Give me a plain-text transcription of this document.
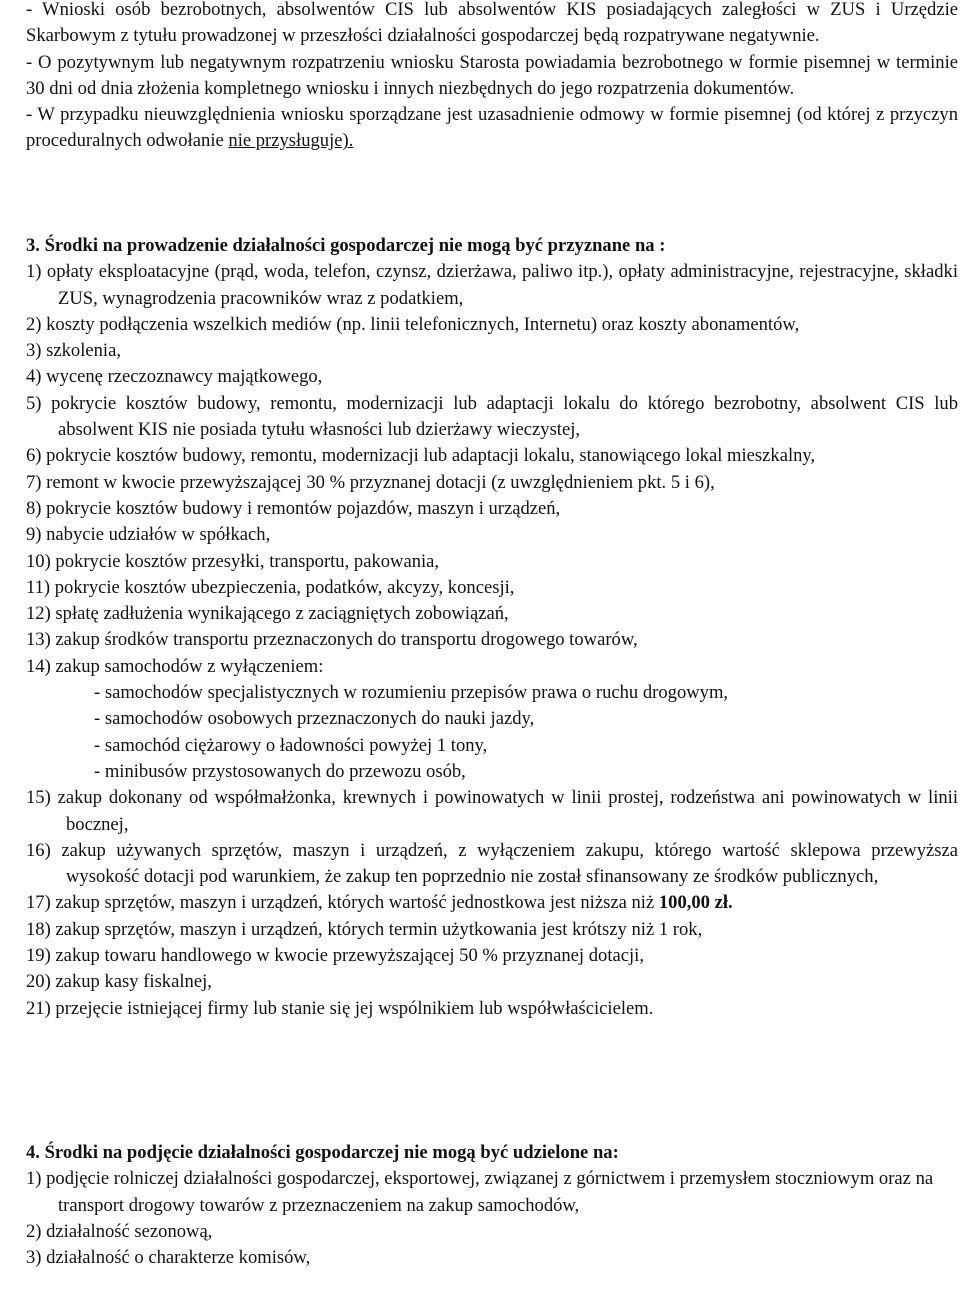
- Wnioski osób bezrobotnych, absolwentów CIS lub absolwentów KIS posiadających zaległości w ZUS i Urzędzie Skarbowym z tytułu prowadzonej w przeszłości działalności gospodarczej będą rozpatrywane negatywnie.

- O pozytywnym lub negatywnym rozpatrzeniu wniosku Starosta powiadamia bezrobotnego w formie pisemnej w terminie 30 dni od dnia złożenia kompletnego wniosku i innych niezbędnych do jego rozpatrzenia dokumentów.

- W przypadku nieuwzględnienia wniosku sporządzane jest uzasadnienie odmowy w formie pisemnej (od której z przyczyn proceduralnych odwołanie nie przysługuje).

3. Środki na prowadzenie działalności gospodarczej nie mogą być przyznane na :

1) opłaty eksploatacyjne (prąd, woda, telefon, czynsz, dzierżawa, paliwo itp.), opłaty administracyjne, rejestracyjne, składki ZUS, wynagrodzenia pracowników wraz z podatkiem,
2) koszty podłączenia wszelkich mediów (np. linii telefonicznych, Internetu) oraz koszty abonamentów,
3) szkolenia,
4) wycenę rzeczoznawcy majątkowego,
5) pokrycie kosztów budowy, remontu, modernizacji lub adaptacji lokalu do którego bezrobotny, absolwent CIS lub absolwent KIS nie posiada tytułu własności lub dzierżawy wieczystej,
6) pokrycie kosztów budowy, remontu, modernizacji lub adaptacji lokalu, stanowiącego lokal mieszkalny,
7) remont w kwocie przewyższającej 30 % przyznanej dotacji (z uwzględnieniem pkt. 5 i 6),
8) pokrycie kosztów budowy i remontów pojazdów, maszyn i urządzeń,
9) nabycie udziałów w spółkach,
10) pokrycie kosztów przesyłki, transportu, pakowania,
11) pokrycie kosztów ubezpieczenia, podatków, akcyzy, koncesji,
12) spłatę zadłużenia wynikającego z zaciągniętych zobowiązań,
13) zakup środków transportu przeznaczonych do transportu drogowego towarów,
14) zakup samochodów z wyłączeniem:
- samochodów specjalistycznych w rozumieniu przepisów prawa o ruchu drogowym,
- samochodów osobowych przeznaczonych do nauki jazdy,
- samochód ciężarowy o ładowności powyżej 1 tony,
- minibusów przystosowanych do przewozu osób,
15) zakup dokonany od współmałżonka, krewnych i powinowatych w linii prostej, rodzeństwa ani powinowatych w linii bocznej,
16) zakup używanych sprzętów, maszyn i urządzeń, z wyłączeniem zakupu, którego wartość sklepowa przewyższa wysokość dotacji pod warunkiem, że zakup ten poprzednio nie został sfinansowany ze środków publicznych,
17) zakup sprzętów, maszyn i urządzeń, których wartość jednostkowa jest niższa niż 100,00 zł.
18) zakup sprzętów, maszyn i urządzeń, których termin użytkowania jest krótszy niż 1 rok,
19) zakup towaru handlowego w kwocie przewyższającej 50 % przyznanej dotacji,
20) zakup kasy fiskalnej,
21) przejęcie istniejącej firmy lub stanie się jej wspólnikiem lub współwłaścicielem.

4. Środki na podjęcie działalności gospodarczej nie mogą być udzielone na:

1) podjęcie rolniczej działalności gospodarczej, eksportowej, związanej z górnictwem i przemysłem stoczniowym oraz na transport drogowy towarów z przeznaczeniem na zakup samochodów,
2) działalność sezonową,
3) działalność o charakterze komisów,
